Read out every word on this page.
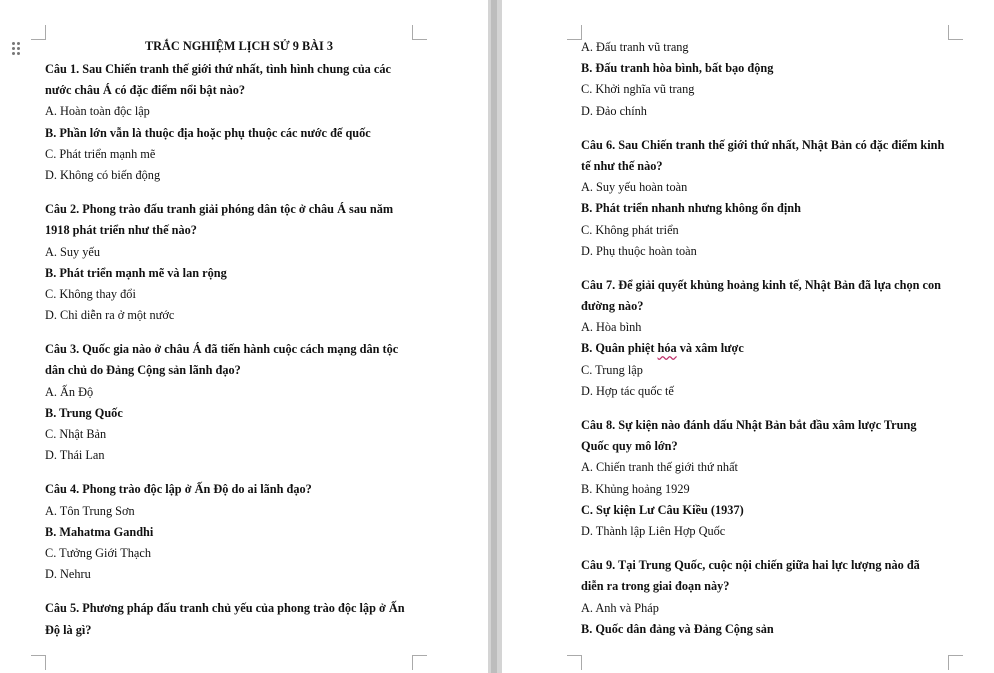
TRẮC NGHIỆM LỊCH SỬ 9 BÀI 3
Câu 1. Sau Chiến tranh thế giới thứ nhất, tình hình chung của các
nước châu Á có đặc điểm nổi bật nào?
A. Hoàn toàn độc lập
B. Phần lớn vẫn là thuộc địa hoặc phụ thuộc các nước đế quốc
C. Phát triển mạnh mẽ
D. Không có biến động
Câu 2. Phong trào đấu tranh giải phóng dân tộc ở châu Á sau năm
1918 phát triển như thế nào?
A. Suy yếu
B. Phát triển mạnh mẽ và lan rộng
C. Không thay đổi
D. Chỉ diễn ra ở một nước
Câu 3. Quốc gia nào ở châu Á đã tiến hành cuộc cách mạng dân tộc
dân chủ do Đảng Cộng sản lãnh đạo?
A. Ấn Độ
B. Trung Quốc
C. Nhật Bản
D. Thái Lan
Câu 4. Phong trào độc lập ở Ấn Độ do ai lãnh đạo?
A. Tôn Trung Sơn
B. Mahatma Gandhi
C. Tưởng Giới Thạch
D. Nehru
Câu 5. Phương pháp đấu tranh chủ yếu của phong trào độc lập ở Ấn
Độ là gì?
A. Đấu tranh vũ trang
B. Đấu tranh hòa bình, bất bạo động
C. Khởi nghĩa vũ trang
D. Đảo chính
Câu 6. Sau Chiến tranh thế giới thứ nhất, Nhật Bản có đặc điểm kinh
tế như thế nào?
A. Suy yếu hoàn toàn
B. Phát triển nhanh nhưng không ổn định
C. Không phát triển
D. Phụ thuộc hoàn toàn
Câu 7. Để giải quyết khủng hoảng kinh tế, Nhật Bản đã lựa chọn con
đường nào?
A. Hòa bình
B. Quân phiệt hóa và xâm lược
C. Trung lập
D. Hợp tác quốc tế
Câu 8. Sự kiện nào đánh dấu Nhật Bản bắt đầu xâm lược Trung
Quốc quy mô lớn?
A. Chiến tranh thế giới thứ nhất
B. Khủng hoảng 1929
C. Sự kiện Lư Câu Kiều (1937)
D. Thành lập Liên Hợp Quốc
Câu 9. Tại Trung Quốc, cuộc nội chiến giữa hai lực lượng nào đã
diễn ra trong giai đoạn này?
A. Anh và Pháp
B. Quốc dân đảng và Đảng Cộng sản
